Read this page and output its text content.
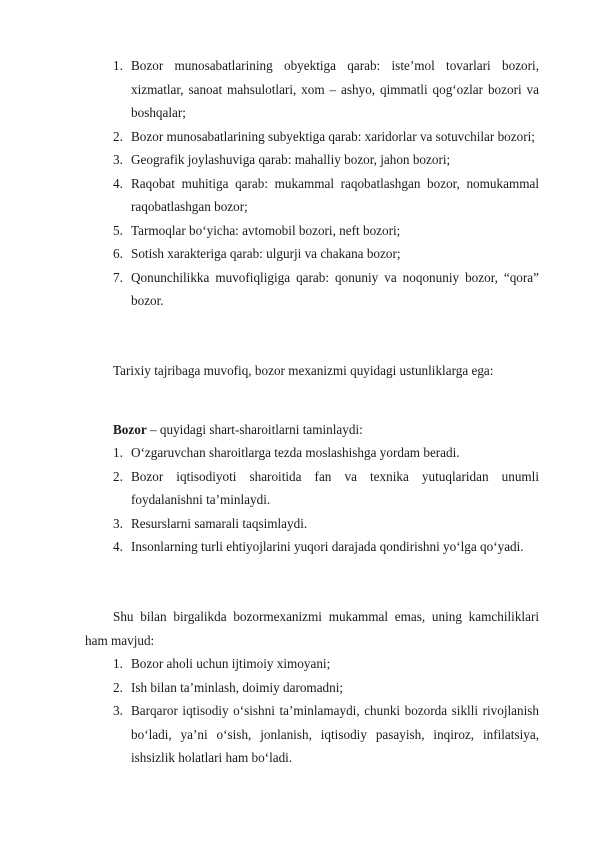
1. Bozor munosabatlarining obyektiga qarab: iste’mol tovarlari bozori, xizmatlar, sanoat mahsulotlari, xom – ashyo, qimmatli qog‘ozlar bozori va boshqalar;
2. Bozor munosabatlarining subyektiga qarab: xaridorlar va sotuvchilar bozori;
3. Geografik joylashuviga qarab: mahalliy bozor, jahon bozori;
4. Raqobat muhitiga qarab: mukammal raqobatlashgan bozor, nomukammal raqobatlashgan bozor;
5. Tarmoqlar bo‘yicha: avtomobil bozori, neft bozori;
6. Sotish xarakteriga qarab: ulgurji va chakana bozor;
7. Qonunchilikka muvofiqligiga qarab: qonuniy va noqonuniy bozor, “qora” bozor.

Tarixiy tajribaga muvofiq, bozor mexanizmi quyidagi ustunliklarga ega:

Bozor – quyidagi shart-sharoitlarni taminlaydi:

1. O‘zgaruvchan sharoitlarga tezda moslashishga yordam beradi.
2. Bozor iqtisodiyoti sharoitida fan va texnika yutuqlaridan unumli foydalanishni ta’minlaydi.
3. Resurslarni samarali taqsimlaydi.
4. Insonlarning turli ehtiyojlarini yuqori darajada qondirishni yo‘lga qo‘yadi.

Shu bilan birgalikda bozormexanizmi mukammal emas, uning kamchiliklari ham mavjud:

1. Bozor aholi uchun ijtimoiy ximoyani;
2. Ish bilan ta’minlash, doimiy daromadni;
3. Barqaror iqtisodiy o‘sishni ta’minlamaydi, chunki bozorda siklli rivojlanish bo‘ladi, ya’ni o‘sish, jonlanish, iqtisodiy pasayish, inqiroz, infilatsiya, ishsizlik holatlari ham bo‘ladi.
